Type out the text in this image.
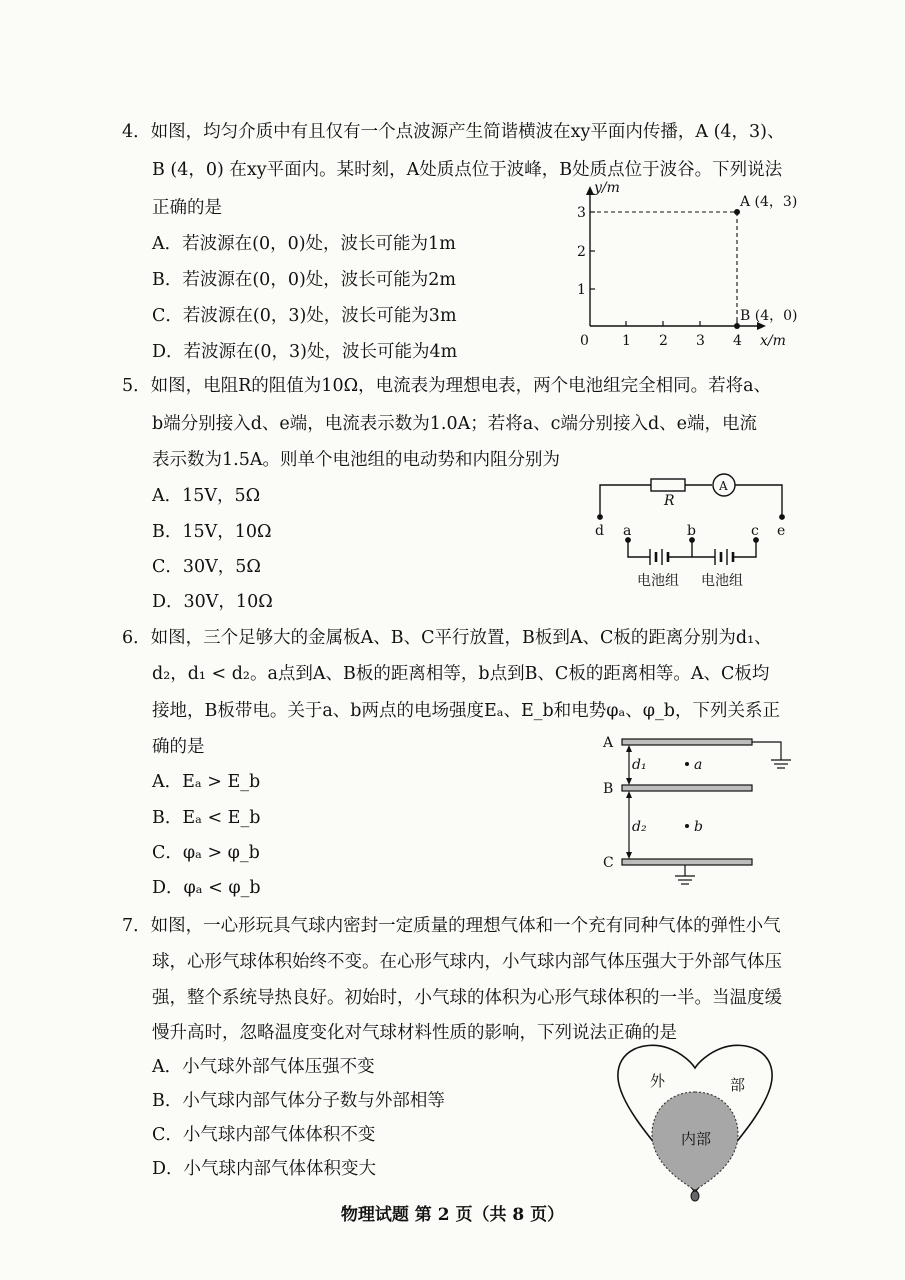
4．如图，均匀介质中有且仅有一个点波源产生简谐横波在xy平面内传播，A (4，3)、
B (4，0) 在xy平面内。某时刻，A处质点位于波峰，B处质点位于波谷。下列说法
正确的是
A．若波源在(0，0)处，波长可能为1m
B．若波源在(0，0)处，波长可能为2m
C．若波源在(0，3)处，波长可能为3m
D．若波源在(0，3)处，波长可能为4m
y/m
x/m
0 1 2 3 4
1
2
3
A (4，3)
B (4，0)
5．如图，电阻R的阻值为10Ω，电流表为理想电表，两个电池组完全相同。若将a、
b端分别接入d、e端，电流表示数为1.0A；若将a、c端分别接入d、e端，电流
表示数为1.5A。则单个电池组的电动势和内阻分别为
A．15V，5Ω
B．15V，10Ω
C．30V，5Ω
D．30V，10Ω
R
A
d a	b	c e
电池组 电池组
6．如图，三个足够大的金属板A、B、C平行放置，B板到A、C板的距离分别为d₁、
d₂，d₁ < d₂。a点到A、B板的距离相等，b点到B、C板的距离相等。A、C板均
接地，B板带电。关于a、b两点的电场强度Eₐ、E_b和电势φₐ、φ_b，下列关系正
确的是
A．Eₐ > E_b
B．Eₐ < E_b
C．φₐ > φ_b
D．φₐ < φ_b
A
B
C
d₁
d₂
a
b
7．如图，一心形玩具气球内密封一定质量的理想气体和一个充有同种气体的弹性小气
球，心形气球体积始终不变。在心形气球内，小气球内部气体压强大于外部气体压
强，整个系统导热良好。初始时，小气球的体积为心形气球体积的一半。当温度缓
慢升高时，忽略温度变化对气球材料性质的影响，下列说法正确的是
A．小气球外部气体压强不变
B．小气球内部气体分子数与外部相等
C．小气球内部气体体积不变
D．小气球内部气体体积变大
外	部
内部
物理试题 第 2 页（共 8 页）
